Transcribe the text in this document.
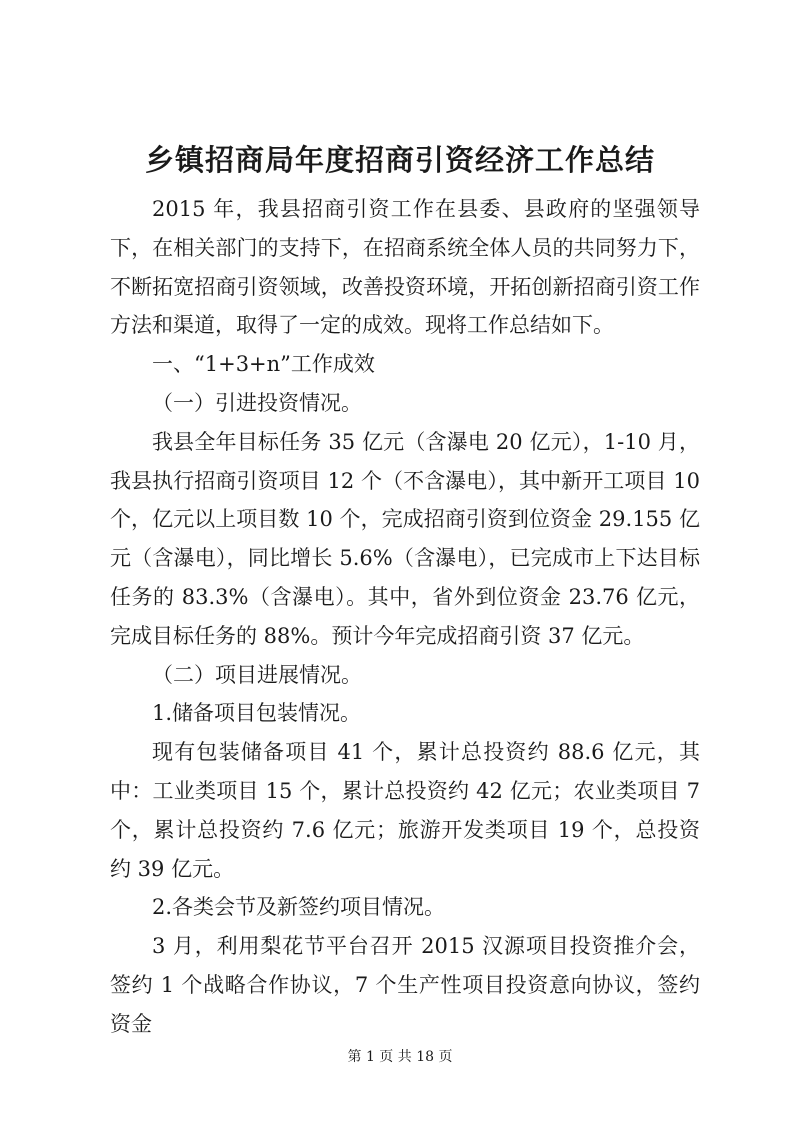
乡镇招商局年度招商引资经济工作总结

2015 年，我县招商引资工作在县委、县政府的坚强领导下，在相关部门的支持下，在招商系统全体人员的共同努力下，不断拓宽招商引资领域，改善投资环境，开拓创新招商引资工作方法和渠道，取得了一定的成效。现将工作总结如下。

一、“1+3+n”工作成效

（一）引进投资情况。

我县全年目标任务 35 亿元（含瀑电 20 亿元），1-10 月，我县执行招商引资项目 12 个（不含瀑电），其中新开工项目 10 个，亿元以上项目数 10 个，完成招商引资到位资金 29.155 亿元（含瀑电），同比增长 5.6%（含瀑电），已完成市上下达目标任务的 83.3%（含瀑电）。其中，省外到位资金 23.76 亿元，完成目标任务的 88%。预计今年完成招商引资 37 亿元。

（二）项目进展情况。

1.储备项目包装情况。

现有包装储备项目 41 个，累计总投资约 88.6 亿元，其中：工业类项目 15 个，累计总投资约 42 亿元；农业类项目 7 个，累计总投资约 7.6 亿元；旅游开发类项目 19 个，总投资约 39 亿元。

2.各类会节及新签约项目情况。

3 月，利用梨花节平台召开 2015 汉源项目投资推介会，签约 1 个战略合作协议，7 个生产性项目投资意向协议，签约资金

第 1 页 共 18 页
